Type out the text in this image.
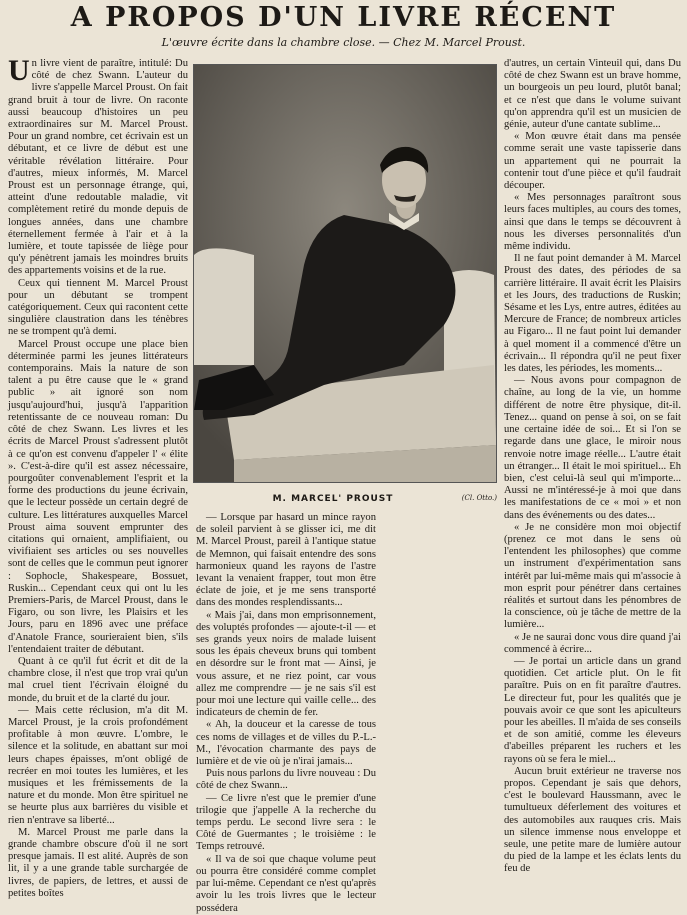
A PROPOS D'UN LIVRE RÉCENT
L'œuvre écrite dans la chambre close. — Chez M. Marcel Proust.

Un livre vient de paraître, intitulé: Du côté de chez Swann. L'auteur du livre s'appelle Marcel Proust. On fait grand bruit à tour de livre. On raconte aussi beaucoup d'histoires un peu extraordinaires sur M. Marcel Proust. Pour un grand nombre, cet écrivain est un débutant, et ce livre de début est une véritable révélation littéraire. Pour d'autres, mieux informés, M. Marcel Proust est un personnage étrange, qui, atteint d'une redoutable maladie, vit complètement retiré du monde depuis de longues années, dans une chambre éternellement fermée à l'air et à la lumière, et toute tapissée de liège pour qu'y pénètrent jamais les moindres bruits des appartements voisins et de la rue.

Ceux qui tiennent M. Marcel Proust pour un débutant se trompent catégoriquement. Ceux qui racontent cette singulière claustration dans les ténèbres ne se trompent qu'à demi.

Marcel Proust occupe une place bien déterminée parmi les jeunes littérateurs contemporains. Mais la nature de son talent a pu être cause que le « grand public » ait ignoré son nom jusqu'aujourd'hui, jusqu'à l'apparition retentissante de ce nouveau roman: Du côté de chez Swann. Les livres et les écrits de Marcel Proust s'adressent plutôt à ce qu'on est convenu d'appeler l' « élite ». C'est-à-dire qu'il est assez nécessaire, pourgoûter convenablement l'esprit et la forme des productions du jeune écrivain, que le lecteur possède un certain degré de culture. Les littératures auxquelles Marcel Proust aima souvent emprunter des citations qui ornaient, amplifiaient, ou vivifiaient ses articles ou ses nouvelles sont de celles que le commun peut ignorer : Sophocle, Shakespeare, Bossuet, Ruskin... Cependant ceux qui ont lu les Premiers-Paris, de Marcel Proust, dans le Figaro, ou son livre, les Plaisirs et les Jours, paru en 1896 avec une préface d'Anatole France, sourieraient bien, s'ils l'entendaient traiter de débutant.

Quant à ce qu'il fut écrit et dit de la chambre close, il n'est que trop vrai qu'un mal cruel tient l'écrivain éloigné du monde, du bruit et de la clarté du jour.

— Mais cette réclusion, m'a dit M. Marcel Proust, je la crois profondément profitable à mon œuvre. L'ombre, le silence et la solitude, en abattant sur moi leurs chapes épaisses, m'ont obligé de recréer en moi toutes les lumières, et les musiques et les frémissements de la nature et du monde. Mon être spirituel ne se heurte plus aux barrières du visible et rien n'entrave sa liberté...

M. Marcel Proust me parle dans la grande chambre obscure d'où il ne sort presque jamais. Il est alité. Auprès de son lit, il y a une grande table surchargée de livres, de papiers, de lettres, et aussi de petites boîtes

M. MARCEL' PROUST	(Cl. Otto.)

— Lorsque par hasard un mince rayon de soleil parvient à se glisser ici, me dit M. Marcel Proust, pareil à l'antique statue de Memnon, qui faisait entendre des sons harmonieux quand les rayons de l'astre levant la venaient frapper, tout mon être éclate de joie, et je me sens transporté dans des mondes resplendissants...

« Mais j'ai, dans mon emprisonnement, des voluptés profondes — ajoute-t-il — et ses grands yeux noirs de malade luisent sous les épais cheveux bruns qui tombent en désordre sur le front mat — Ainsi, je vous assure, et ne riez point, car vous allez me comprendre — je ne sais s'il est pour moi une lecture qui vaille celle... des indicateurs de chemin de fer.

« Ah, la douceur et la caresse de tous ces noms de villages et de villes du P.-L.-M., l'évocation charmante des pays de lumière et de vie où je n'irai jamais...

Puis nous parlons du livre nouveau : Du côté de chez Swann...

— Ce livre n'est que le premier d'une trilogie que j'appelle A la recherche du temps perdu. Le second livre sera : le Côté de Guermantes ; le troisième : le Temps retrouvé.

« Il va de soi que chaque volume peut ou pourra être considéré comme complet par lui-même. Cependant ce n'est qu'après avoir lu les trois livres que le lecteur possédera

d'autres, un certain Vinteuil qui, dans Du côté de chez Swann est un brave homme, un bourgeois un peu lourd, plutôt banal; et ce n'est que dans le volume suivant qu'on apprendra qu'il est un musicien de génie, auteur d'une cantate sublime...

« Mon œuvre était dans ma pensée comme serait une vaste tapisserie dans un appartement qui ne pourrait la contenir tout d'une pièce et qu'il faudrait découper.

« Mes personnages paraîtront sous leurs faces multiples, au cours des tomes, ainsi que dans le temps se découvrent à nous les diverses personnalités d'un même individu.

Il ne faut point demander à M. Marcel Proust des dates, des périodes de sa carrière littéraire. Il avait écrit les Plaisirs et les Jours, des traductions de Ruskin; Sésame et les Lys, entre autres, éditées au Mercure de France; de nombreux articles au Figaro... Il ne faut point lui demander à quel moment il a commencé d'être un écrivain... Il répondra qu'il ne peut fixer les dates, les périodes, les moments...

— Nous avons pour compagnon de chaîne, au long de la vie, un homme différent de notre être physique, dit-il. Tenez... quand on pense à soi, on se fait une certaine idée de soi... Et si l'on se regarde dans une glace, le miroir nous renvoie notre image réelle... L'autre était un étranger... Il était le moi spirituel... Eh bien, c'est celui-là seul qui m'importe... Aussi ne m'intéressé-je à moi que dans les manifestations de ce « moi » et non dans des événements ou des dates...

« Je ne considère mon moi objectif (prenez ce mot dans le sens où l'entendent les philosophes) que comme un instrument d'expérimentation sans intérêt par lui-même mais qui m'associe à mon esprit pour pénétrer dans certaines réalités et surtout dans les pénombres de la conscience, où je tâche de mettre de la lumière...

« Je ne saurai donc vous dire quand j'ai commencé à écrire...

— Je portai un article dans un grand quotidien. Cet article plut. On le fit paraître. Puis on en fit paraître d'autres. Le directeur fut, pour les qualités que je pouvais avoir ce que sont les apiculteurs pour les abeilles. Il m'aida de ses conseils et de son amitié, comme les éleveurs d'abeilles préparent les ruchers et les rayons où se fera le miel...

Aucun bruit extérieur ne traverse nos propos. Cependant je sais que dehors, c'est le boulevard Haussmann, avec le tumultueux déferlement des voitures et des automobiles aux rauques cris. Mais un silence immense nous enveloppe et seule, une petite mare de lumière autour du pied de la lampe et les éclats lents du feu de
